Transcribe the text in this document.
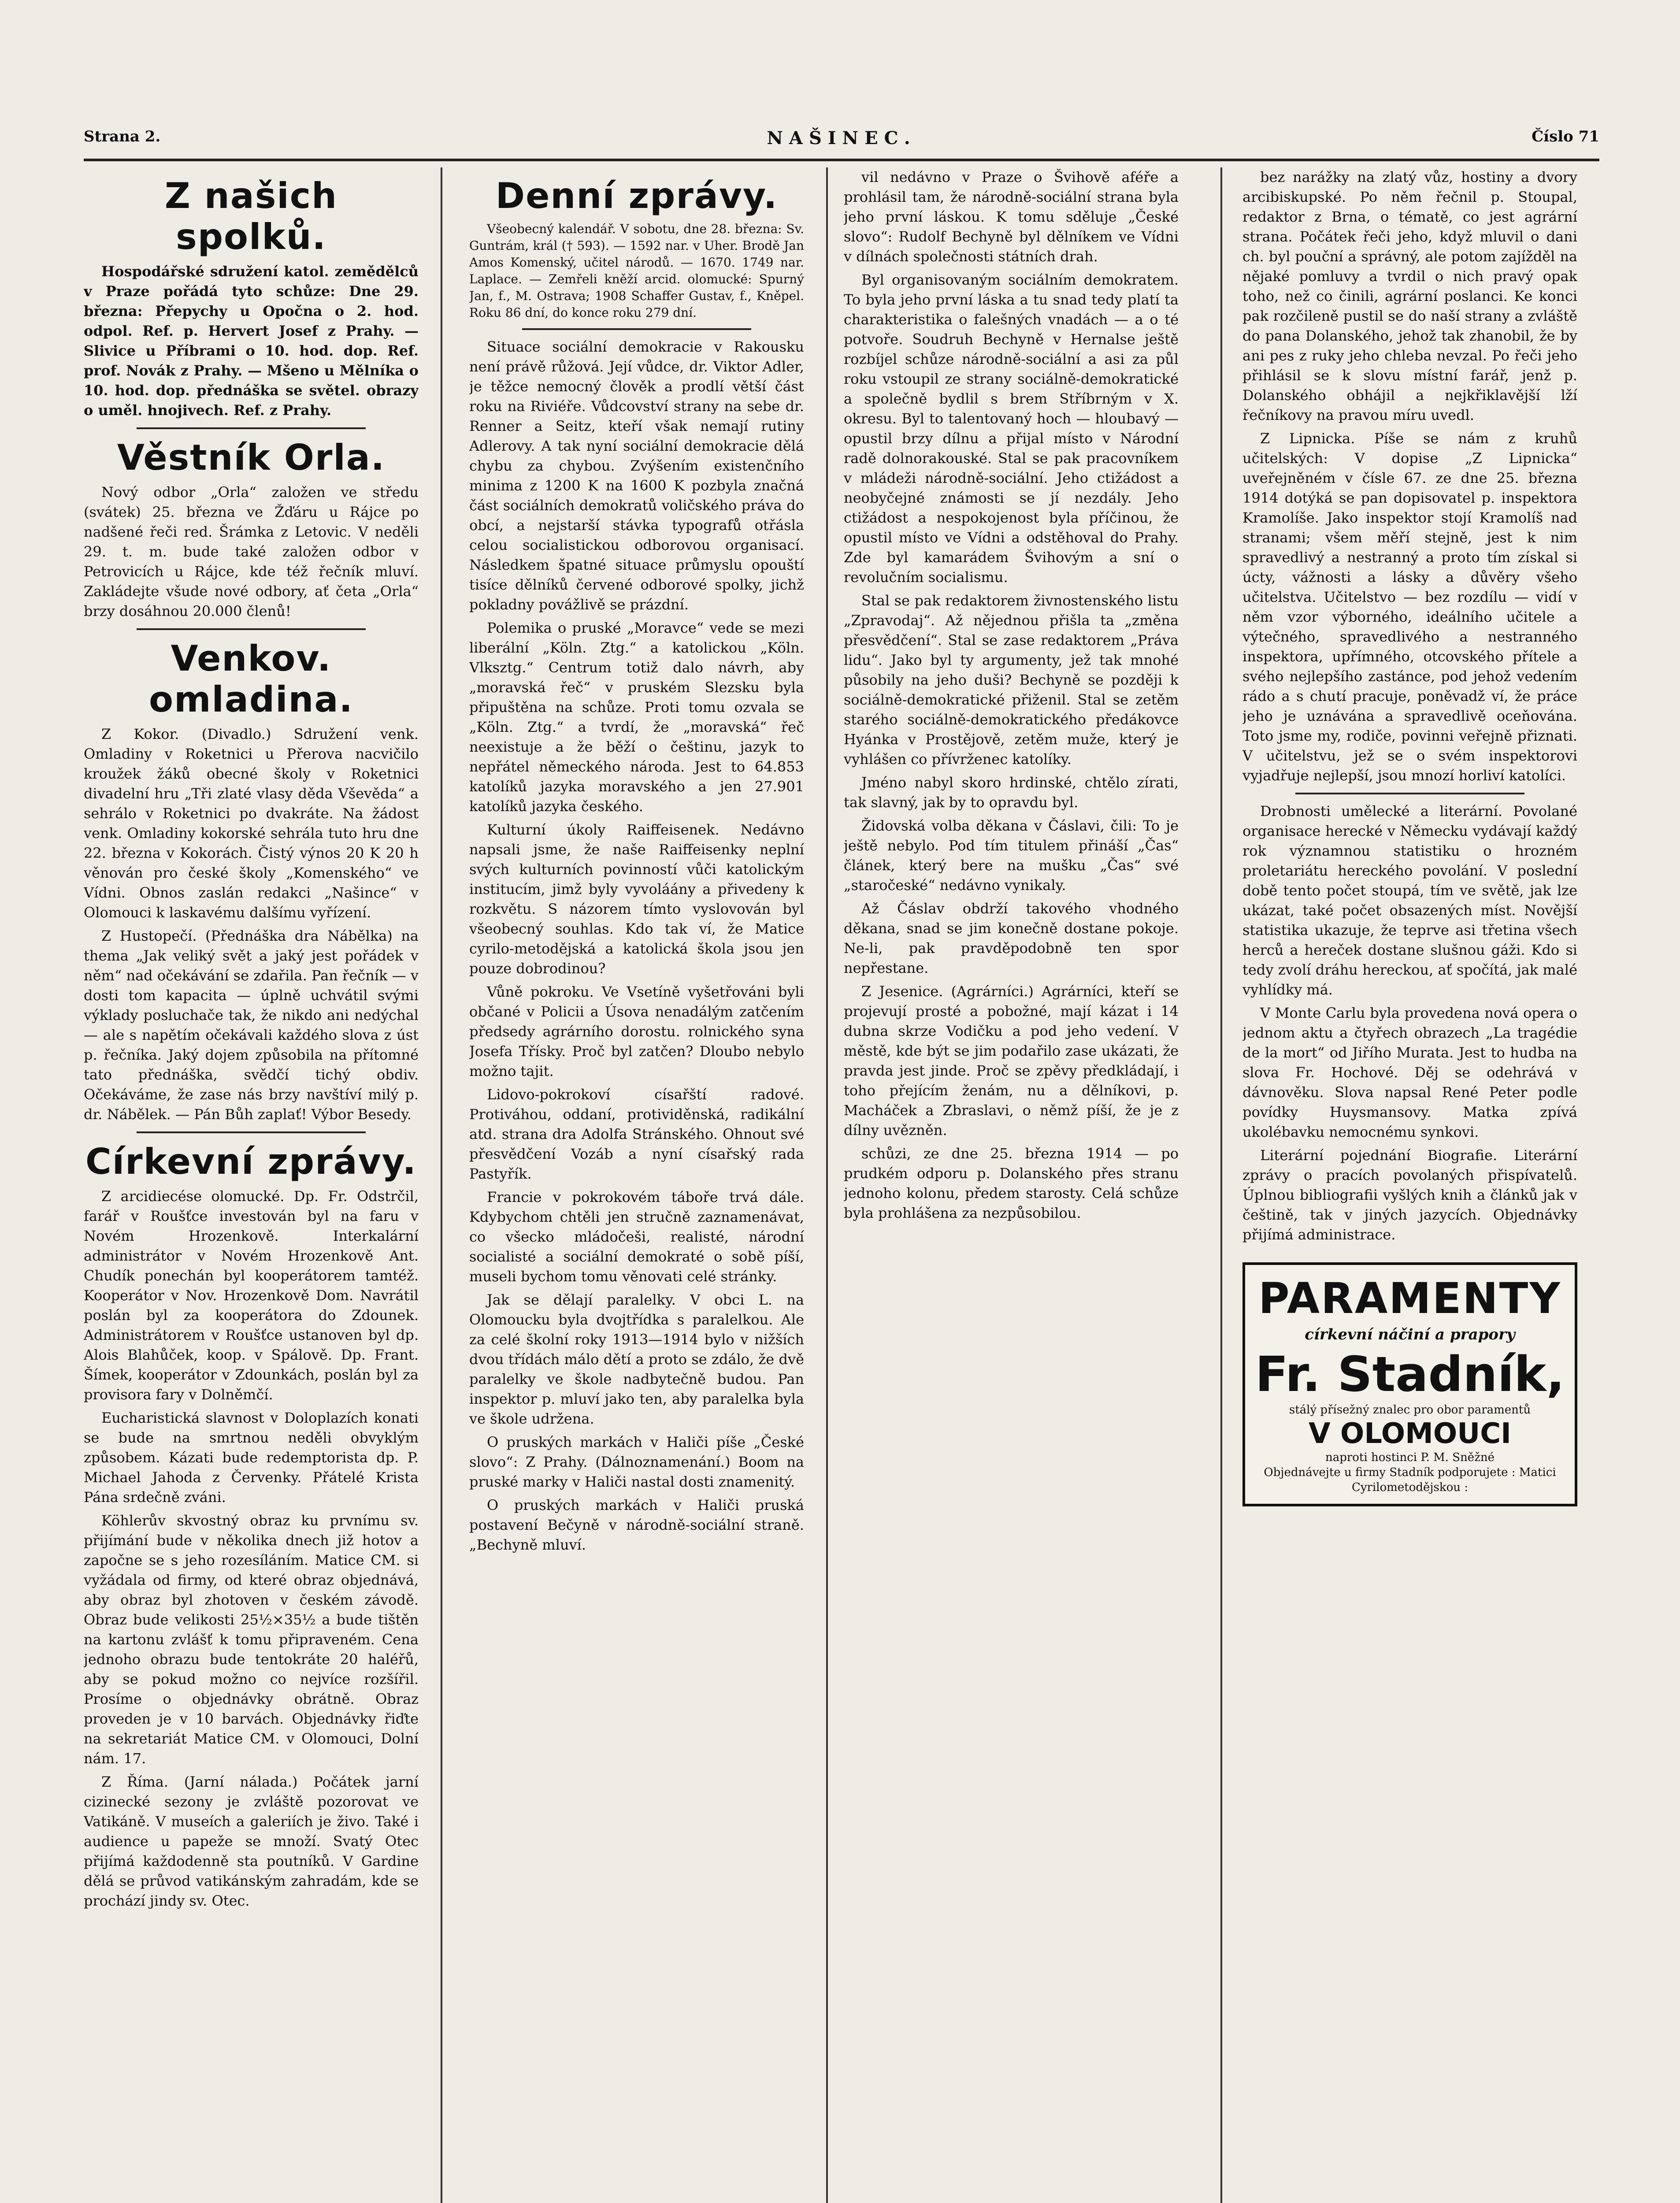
Strana 2.	NAŠINEC.	Číslo 71
Z našich spolků.

Hospodářské sdružení katol. zemědělců v Praze pořádá tyto schůze: Dne 29. března: Přepychy u Opočna o 2. hod. odpol. Ref. p. Hervert Josef z Prahy. — Slivice u Příbrami o 10. hod. dop. Ref. prof. Novák z Prahy. — Mšeno u Mělníka o 10. hod. dop. přednáška se světel. obrazy o uměl. hnojivech. Ref. z Prahy.

Věstník Orla.

Nový odbor „Orla“ založen ve středu (svátek) 25. března ve Žďáru u Rájce po nadšené řeči red. Šrámka z Letovic. V neděli 29. t. m. bude také založen odbor v Petrovicích u Rájce, kde též řečník mluví. Zakládejte všude nové odbory, ať četa „Orla“ brzy dosáhnou 20.000 členů!

Venkov. omladina.

Z Kokor. (Divadlo.) Sdružení venk. Omladiny v Roketnici u Přerova nacvičilo kroužek žáků obecné školy v Roketnici divadelní hru „Tři zlaté vlasy děda Vševěda“ a sehrálo v Roketnici po dvakráte. Na žádost venk. Omladiny kokorské sehrála tuto hru dne 22. března v Kokorách. Čistý výnos 20 K 20 h věnován pro české školy „Komenského“ ve Vídni. Obnos zaslán redakci „Našince“ v Olomouci k laskavému dalšímu vyřízení.

Z Hustopečí. (Přednáška dra Nábělka) na thema „Jak veliký svět a jaký jest pořádek v něm“ nad očekávání se zdařila. Pan řečník — v dosti tom kapacita — úplně uchvátil svými výklady posluchače tak, že nikdo ani nedýchal — ale s napětím očekávali každého slova z úst p. řečníka. Jaký dojem způsobila na přítomné tato přednáška, svědčí tichý obdiv. Očekáváme, že zase nás brzy navštíví milý p. dr. Nábělek. — Pán Bůh zaplať! Výbor Besedy.

Církevní zprávy.

Z arcidiecése olomucké. Dp. Fr. Odstrčil, farář v Roušťce investován byl na faru v Novém Hrozenkově. Interkalární administrátor v Novém Hrozenkově Ant. Chudík ponechán byl kooperátorem tamtéž. Kooperátor v Nov. Hrozenkově Dom. Navrátil poslán byl za kooperátora do Zdounek. Administrátorem v Roušťce ustanoven byl dp. Alois Blahůček, koop. v Spálově. Dp. Frant. Šímek, kooperátor v Zdounkách, poslán byl za provisora fary v Dolněmčí.

Eucharistická slavnost v Doloplazích konati se bude na smrtnou neděli obvyklým způsobem. Kázati bude redemptorista dp. P. Michael Jahoda z Červenky. Přátelé Krista Pána srdečně zváni.

Köhlerův skvostný obraz ku prvnímu sv. přijímání bude v několika dnech již hotov a započne se s jeho rozesíláním. Matice CM. si vyžádala od firmy, od které obraz objednává, aby obraz byl zhotoven v českém závodě. Obraz bude velikosti 25½×35½ a bude tištěn na kartonu zvlášť k tomu připraveném. Cena jednoho obrazu bude tentokráte 20 haléřů, aby se pokud možno co nejvíce rozšířil. Prosíme o objednávky obrátně. Obraz proveden je v 10 barvách. Objednávky řiďte na sekretariát Matice CM. v Olomouci, Dolní nám. 17.

Z Říma. (Jarní nálada.) Počátek jarní cizinecké sezony je zvláště pozorovat ve Vatikáně. V museích a galeriích je živo. Také i audience u papeže se množí. Svatý Otec přijímá každodenně sta poutníků. V Gardine dělá se průvod vatikánským zahradám, kde se prochází jindy sv. Otec.

Denní zprávy.

Všeobecný kalendář. V sobotu, dne 28. března: Sv. Guntrám, král († 593). — 1592 nar. v Uher. Brodě Jan Amos Komenský, učitel národů. — 1670. 1749 nar. Laplace. — Zemřeli kněží arcid. olomucké: Spurný Jan, f., M. Ostrava; 1908 Schaffer Gustav, f., Kněpel. Roku 86 dní, do konce roku 279 dní.

Situace sociální demokracie v Rakousku není právě růžová. Její vůdce, dr. Viktor Adler, je těžce nemocný člověk a prodlí větší část roku na Riviéře. Vůdcovství strany na sebe dr. Renner a Seitz, kteří však nemají rutiny Adlerovy. A tak nyní sociální demokracie dělá chybu za chybou. Zvýšením existenčního minima z 1200 K na 1600 K pozbyla značná část sociálních demokratů voličského práva do obcí, a nejstarší stávka typografů otřásla celou socialistickou odborovou organisací. Následkem špatné situace průmyslu opouští tisíce dělníků červené odborové spolky, jichž pokladny povážlivě se prázdní.

Polemika o pruské „Moravce“ vede se mezi liberální „Köln. Ztg.“ a katolickou „Köln. Vlksztg.“ Centrum totiž dalo návrh, aby „moravská řeč“ v pruském Slezsku byla připuštěna na schůze. Proti tomu ozvala se „Köln. Ztg.“ a tvrdí, že „moravská“ řeč neexistuje a že běží o češtinu, jazyk to nepřátel německého národa. Jest to 64.853 katolíků jazyka moravského a jen 27.901 katolíků jazyka českého.

Kulturní úkoly Raiffeisenek. Nedávno napsali jsme, že naše Raiffeisenky neplní svých kulturních povinností vůči katolickým institucím, jimž byly vyvoláány a přivedeny k rozkvětu. S názorem tímto vyslovován byl všeobecný souhlas. Kdo tak ví, že Matice cyrilo-metodějská a katolická škola jsou jen pouze dobrodinou?

Vůně pokroku. Ve Vsetíně vyšetřováni byli občané v Policii a Úsova nenadálým zatčením předsedy agrárního dorostu. rolnického syna Josefa Třísky. Proč byl zatčen? Dloubo nebylo možno tajit.

Lidovo-pokrokoví císařští radové. Protiváhou, oddaní, protividěnská, radikální atd. strana dra Adolfa Stránského. Ohnout své přesvědčení Vozáb a nyní císařský rada Pastyřík.

Francie v pokrokovém táboře trvá dále. Kdybychom chtěli jen stručně zaznamenávat, co všecko mládočeši, realisté, národní socialisté a sociální demokraté o sobě píší, museli bychom tomu věnovati celé stránky.

Jak se dělají paralelky. V obci L. na Olomoucku byla dvojtřídka s paralelkou. Ale za celé školní roky 1913—1914 bylo v nižších dvou třídách málo dětí a proto se zdálo, že dvě paralelky ve škole nadbytečně budou. Pan inspektor p. mluví jako ten, aby paralelka byla ve škole udržena.

O pruských markách v Haliči píše „České slovo“: Z Prahy. (Dálnoznamenání.) Boom na pruské marky v Haliči nastal dosti znamenitý.

O pruských markách v Haliči pruská postavení Bečyně v národně-sociální straně. „Bechyně mluví.

vil nedávno v Praze o Švihově aféře a prohlásil tam, že národně-sociální strana byla jeho první láskou. K tomu sděluje „České slovo“: Rudolf Bechyně byl dělníkem ve Vídni v dílnách společnosti státních drah.

Byl organisovaným sociálním demokratem. To byla jeho první láska a tu snad tedy platí ta charakteristika o falešných vnadách — a o té potvoře. Soudruh Bechyně v Hernalse ještě rozbíjel schůze národně-sociální a asi za půl roku vstoupil ze strany sociálně-demokratické a společně bydlil s brem Stříbrným v X. okresu. Byl to talentovaný hoch — hloubavý — opustil brzy dílnu a přijal místo v Národní radě dolnorakouské. Stal se pak pracovníkem v mládeži národně-sociální. Jeho ctižádost a neobyčejné známosti se jí nezdály. Jeho ctižádost a nespokojenost byla příčinou, že opustil místo ve Vídni a odstěhoval do Prahy. Zde byl kamarádem Švihovým a sní o revolučním socialismu.

Stal se pak redaktorem živnostenského listu „Zpravodaj“. Až nějednou přišla ta „změna přesvědčení“. Stal se zase redaktorem „Práva lidu“. Jako byl ty argumenty, jež tak mnohé působily na jeho duši? Bechyně se později k sociálně-demokratické přiženil. Stal se zetěm starého sociálně-demokratického předákovce Hyánka v Prostějově, zetěm muže, který je vyhlášen co přívrženec katolíky.

Jméno nabyl skoro hrdinské, chtělo zírati, tak slavný, jak by to opravdu byl.

Židovská volba děkana v Čáslavi, čili: To je ještě nebylo. Pod tím titulem přináší „Čas“ článek, který bere na mušku „Čas“ své „staročeské“ nedávno vynikaly.

Až Čáslav obdrží takového vhodného děkana, snad se jim konečně dostane pokoje. Ne-li, pak pravděpodobně ten spor nepřestane.

Z Jesenice. (Agrárníci.) Agrárníci, kteří se projevují prosté a pobožné, mají kázat i 14 dubna skrze Vodičku a pod jeho vedení. V městě, kde být se jim podařilo zase ukázati, že pravda jest jinde. Proč se zpěvy předkládají, i toho přejícím ženám, nu a dělníkovi, p. Macháček a Zbraslavi, o němž píší, že je z dílny uvězněn.

schůzi, ze dne 25. března 1914 — po prudkém odporu p. Dolanského přes stranu jednoho kolonu, předem starosty. Celá schůze byla prohlášena za nezpůsobilou.

bez narážky na zlatý vůz, hostiny a dvory arcibiskupské. Po něm řečnil p. Stoupal, redaktor z Brna, o tématě, co jest agrární strana. Počátek řeči jeho, když mluvil o dani ch. byl pouční a správný, ale potom zajížděl na nějaké pomluvy a tvrdil o nich pravý opak toho, než co činili, agrární poslanci. Ke konci pak rozčileně pustil se do naší strany a zvláště do pana Dolanského, jehož tak zhanobil, že by ani pes z ruky jeho chleba nevzal. Po řeči jeho přihlásil se k slovu místní farář, jenž p. Dolanského obhájil a nejkřiklavější lží řečníkovy na pravou míru uvedl.

Z Lipnicka. Píše se nám z kruhů učitelských: V dopise „Z Lipnicka“ uveřejněném v čísle 67. ze dne 25. března 1914 dotýká se pan dopisovatel p. inspektora Kramolíše. Jako inspektor stojí Kramolíš nad stranami; všem měří stejně, jest k nim spravedlivý a nestranný a proto tím získal si úcty, vážnosti a lásky a důvěry všeho učitelstva. Učitelstvo — bez rozdílu — vidí v něm vzor výborného, ideálního učitele a výtečného, spravedlivého a nestranného inspektora, upřímného, otcovského přítele a svého nejlepšího zastánce, pod jehož vedením rádo a s chutí pracuje, poněvadž ví, že práce jeho je uznávána a spravedlivě oceňována. Toto jsme my, rodiče, povinni veřejně přiznati. V učitelstvu, jež se o svém inspektorovi vyjadřuje nejlepší, jsou mnozí horliví katolíci.

Drobnosti umělecké a literární. Povolané organisace herecké v Německu vydávají každý rok významnou statistiku o hrozném proletariátu hereckého povolání. V poslední době tento počet stoupá, tím ve světě, jak lze ukázat, také počet obsazených míst. Novější statistika ukazuje, že teprve asi třetina všech herců a hereček dostane slušnou gáži. Kdo si tedy zvolí dráhu hereckou, ať spočítá, jak malé vyhlídky má.

V Monte Carlu byla provedena nová opera o jednom aktu a čtyřech obrazech „La tragédie de la mort“ od Jiřího Murata. Jest to hudba na slova Fr. Hochové. Děj se odehrává v dávnověku. Slova napsal René Peter podle povídky Huysmansovy. Matka zpívá ukolébavku nemocnému synkovi.

Literární pojednání Biografie. Literární zprávy o pracích povolaných přispívatelů. Úplnou bibliografii vyšlých knih a článků jak v češtině, tak v jiných jazycích. Objednávky přijímá administrace.

PARAMENTY
církevní náčiní a prapory
Fr. Stadník,
stálý přísežný znalec pro obor paramentů
V OLOMOUCI
naproti hostinci P. M. Sněžné
Objednávejte u firmy Stadník podporujete : Matici Cyrilometodějskou :
